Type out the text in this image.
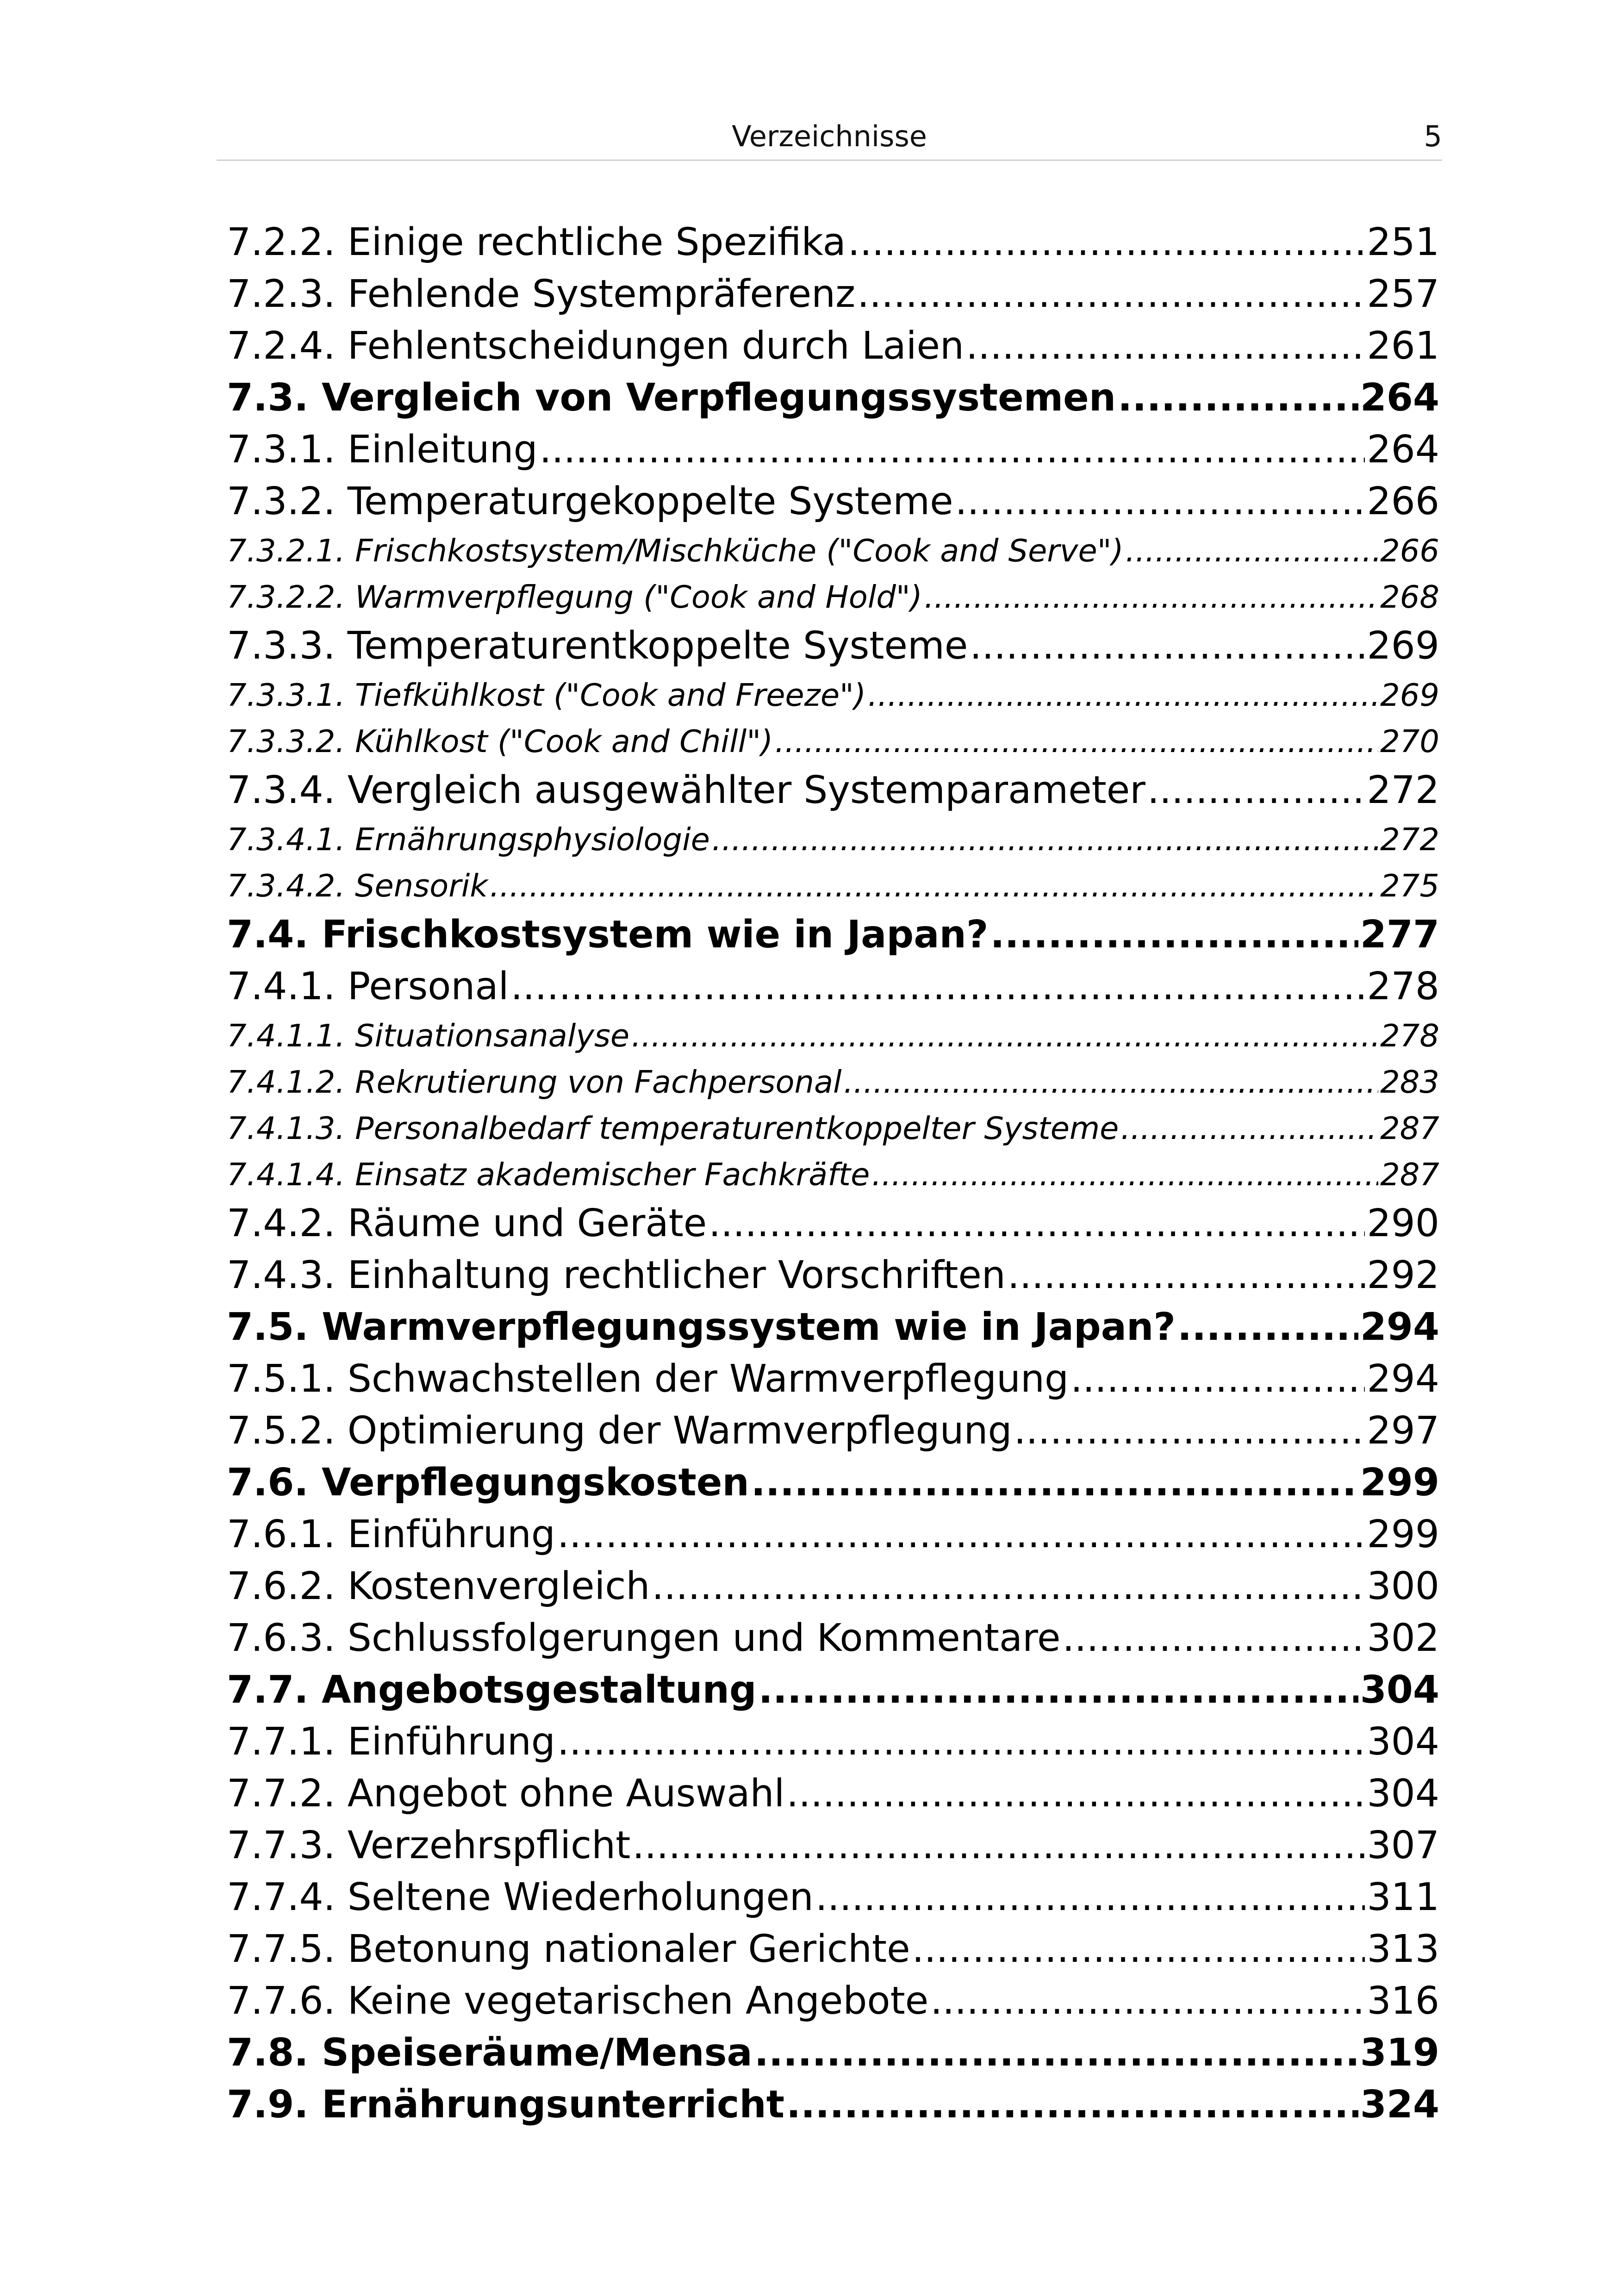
Verzeichnisse	5
7.2.2. Einige rechtliche Spezifika .....	251
7.2.3. Fehlende Systempräferenz .....	257
7.2.4. Fehlentscheidungen durch Laien .....	261
7.3. Vergleich von Verpflegungssystemen .....	264
7.3.1. Einleitung .....	264
7.3.2. Temperaturgekoppelte Systeme .....	266
7.3.2.1. Frischkostsystem/Mischküche ("Cook and Serve") .....	266
7.3.2.2. Warmverpflegung ("Cook and Hold") .....	268
7.3.3. Temperaturentkoppelte Systeme .....	269
7.3.3.1. Tiefkühlkost ("Cook and Freeze") .....	269
7.3.3.2. Kühlkost ("Cook and Chill") .....	270
7.3.4. Vergleich ausgewählter Systemparameter .....	272
7.3.4.1. Ernährungsphysiologie .....	272
7.3.4.2. Sensorik .....	275
7.4. Frischkostsystem wie in Japan? .....	277
7.4.1. Personal .....	278
7.4.1.1. Situationsanalyse .....	278
7.4.1.2. Rekrutierung von Fachpersonal .....	283
7.4.1.3. Personalbedarf temperaturentkoppelter Systeme .....	287
7.4.1.4. Einsatz akademischer Fachkräfte .....	287
7.4.2. Räume und Geräte .....	290
7.4.3. Einhaltung rechtlicher Vorschriften .....	292
7.5. Warmverpflegungssystem wie in Japan? .....	294
7.5.1. Schwachstellen der Warmverpflegung .....	294
7.5.2. Optimierung der Warmverpflegung .....	297
7.6. Verpflegungskosten .....	299
7.6.1. Einführung .....	299
7.6.2. Kostenvergleich .....	300
7.6.3. Schlussfolgerungen und Kommentare .....	302
7.7. Angebotsgestaltung .....	304
7.7.1. Einführung .....	304
7.7.2. Angebot ohne Auswahl .....	304
7.7.3. Verzehrspflicht .....	307
7.7.4. Seltene Wiederholungen .....	311
7.7.5. Betonung nationaler Gerichte .....	313
7.7.6. Keine vegetarischen Angebote .....	316
7.8. Speiseräume/Mensa .....	319
7.9. Ernährungsunterricht .....	324
